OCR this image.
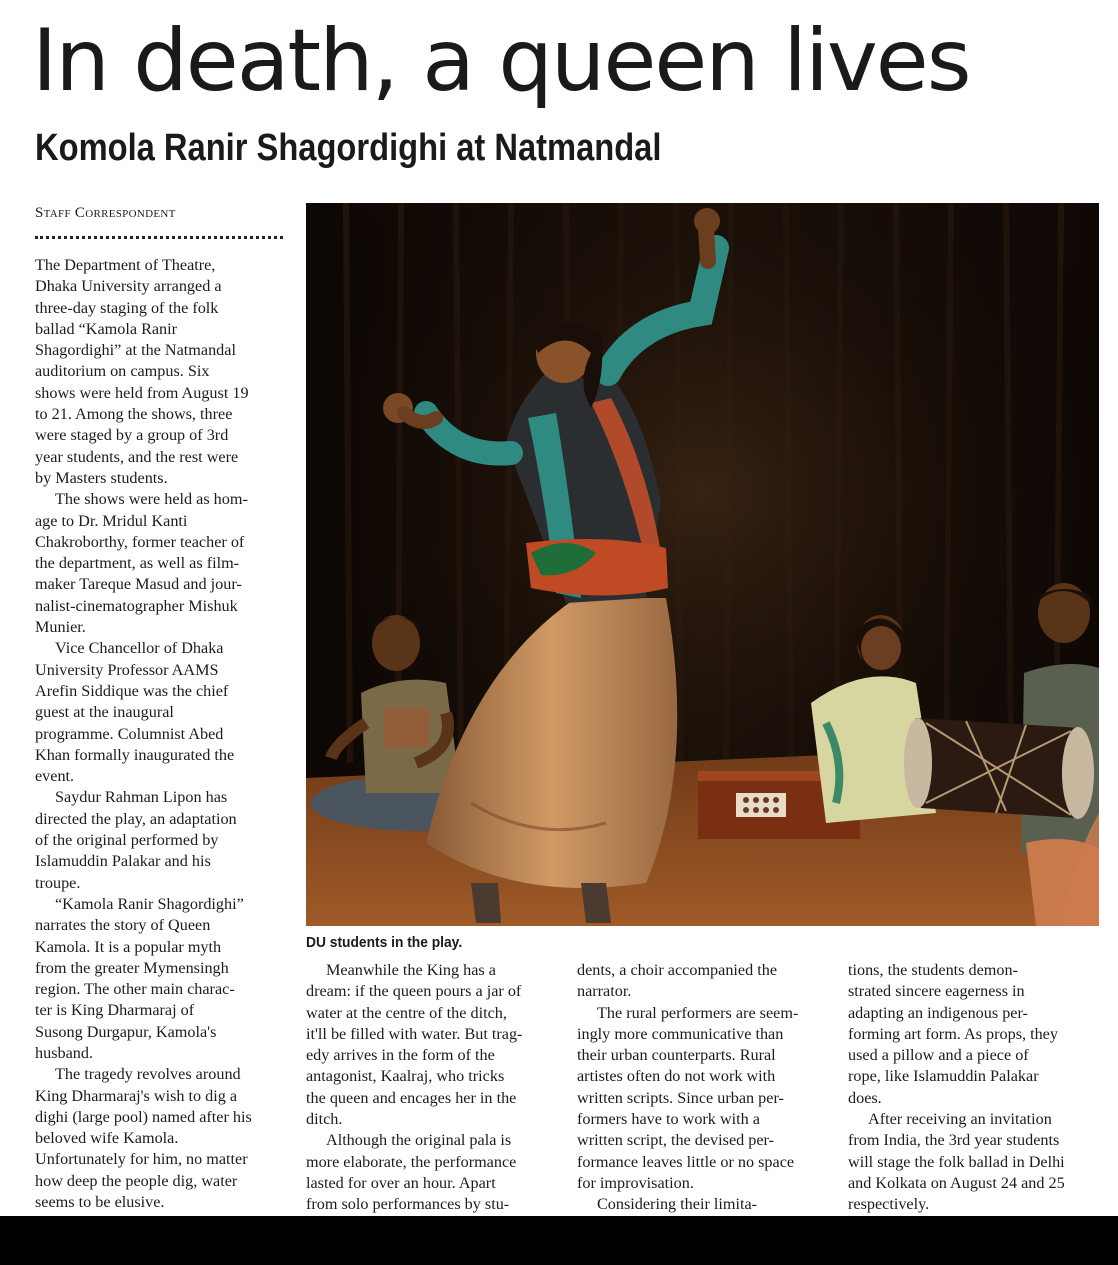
In death, a queen lives
Komola Ranir Shagordighi at Natmandal
Staff Correspondent

The Department of Theatre,

Dhaka University arranged a

three-day staging of the folk

ballad “Kamola Ranir

Shagordighi” at the Natmandal

auditorium on campus. Six

shows were held from August 19

to 21. Among the shows, three

were staged by a group of 3rd

year students, and the rest were

by Masters students.

The shows were held as hom-

age to Dr. Mridul Kanti

Chakroborthy, former teacher of

the department, as well as film-

maker Tareque Masud and jour-

nalist-cinematographer Mishuk

Munier.

Vice Chancellor of Dhaka

University Professor AAMS

Arefin Siddique was the chief

guest at the inaugural

programme. Columnist Abed

Khan formally inaugurated the

event.

Saydur Rahman Lipon has

directed the play, an adaptation

of the original performed by

Islamuddin Palakar and his

troupe.

“Kamola Ranir Shagordighi”

narrates the story of Queen

Kamola. It is a popular myth

from the greater Mymensingh

region. The other main charac-

ter is King Dharmaraj of

Susong Durgapur, Kamola's

husband.

The tragedy revolves around

King Dharmaraj's wish to dig a

dighi (large pool) named after his

beloved wife Kamola.

Unfortunately for him, no matter

how deep the people dig, water

seems to be elusive.

DU students in the play.

Meanwhile the King has a

dream: if the queen pours a jar of

water at the centre of the ditch,

it'll be filled with water. But trag-

edy arrives in the form of the

antagonist, Kaalraj, who tricks

the queen and encages her in the

ditch.

Although the original pala is

more elaborate, the performance

lasted for over an hour. Apart

from solo performances by stu-

dents, a choir accompanied the

narrator.

The rural performers are seem-

ingly more communicative than

their urban counterparts. Rural

artistes often do not work with

written scripts. Since urban per-

formers have to work with a

written script, the devised per-

formance leaves little or no space

for improvisation.

Considering their limita-

tions, the students demon-

strated sincere eagerness in

adapting an indigenous per-

forming art form. As props, they

used a pillow and a piece of

rope, like Islamuddin Palakar

does.

After receiving an invitation

from India, the 3rd year students

will stage the folk ballad in Delhi

and Kolkata on August 24 and 25

respectively.
